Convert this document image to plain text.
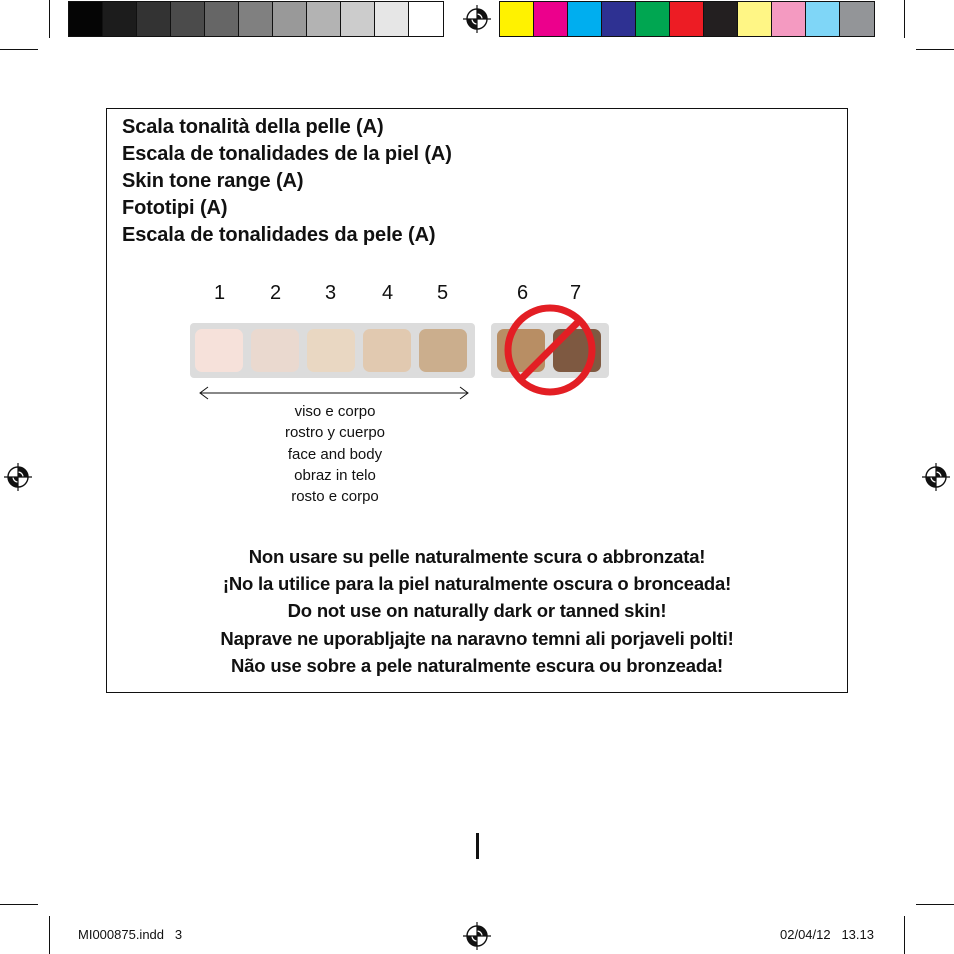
Scala tonalità della pelle (A)
Escala de tonalidades de la piel (A)
Skin tone range (A)
Fototipi (A)
Escala de tonalidades da pele (A)
1 2 3 4 5	6 7
viso e corpo
rostro y cuerpo
face and body
obraz in telo
rosto e corpo
Non usare su pelle naturalmente scura o abbronzata!
¡No la utilice para la piel naturalmente oscura o bronceada!
Do not use on naturally dark or tanned skin!
Naprave ne uporabljajte na naravno temni ali porjaveli polti!
Não use sobre a pele naturalmente escura ou bronzeada!
MI000875.indd   3	02/04/12   13.13
